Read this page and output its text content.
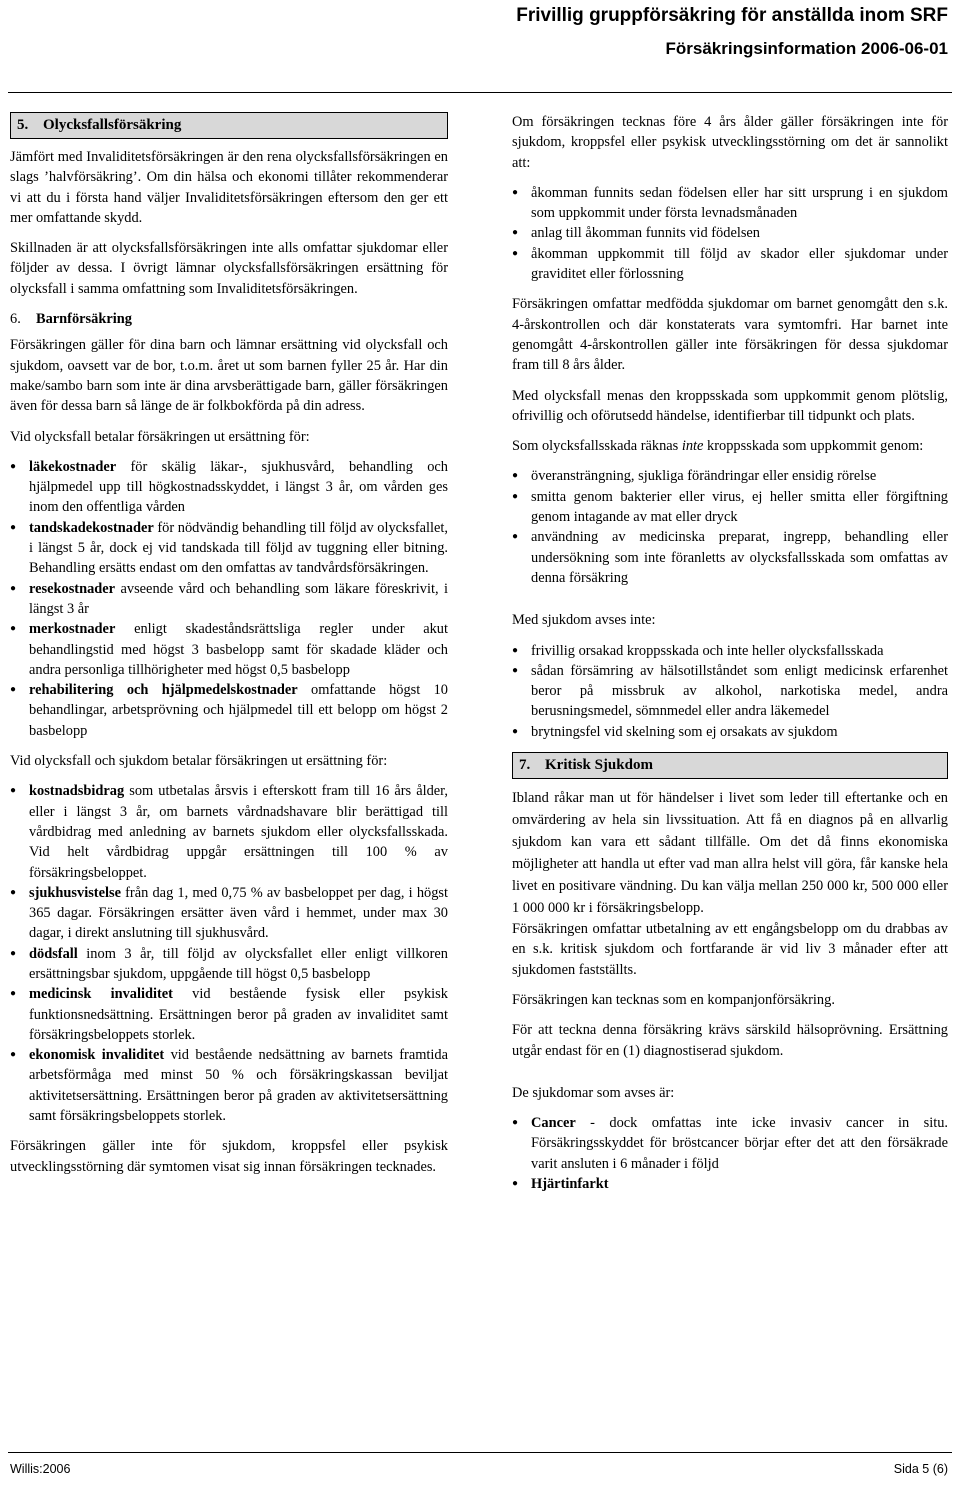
Frivillig gruppförsäkring för anställda inom SRF
Försäkringsinformation 2006-06-01
5. Olycksfallsförsäkring

Jämfört med Invaliditetsförsäkringen är den rena olycksfallsförsäkringen en slags ’halvförsäkring’. Om din hälsa och ekonomi tillåter rekommenderar vi att du i första hand väljer Invaliditetsförsäkringen eftersom den ger ett mer omfattande skydd.

Skillnaden är att olycksfallsförsäkringen inte alls omfattar sjukdomar eller följder av dessa. I övrigt lämnar olycksfallsförsäkringen ersättning för olycksfall i samma omfattning som Invaliditetsförsäkringen.

6. Barnförsäkring

Försäkringen gäller för dina barn och lämnar ersättning vid olycksfall och sjukdom, oavsett var de bor, t.o.m. året ut som barnen fyller 25 år. Har din make/sambo barn som inte är dina arvsberättigade barn, gäller försäkringen även för dessa barn så länge de är folkbokförda på din adress.

Vid olycksfall betalar försäkringen ut ersättning för:

● läkekostnader för skälig läkar-, sjukhusvård, behandling och hjälpmedel upp till högkostnadsskyddet, i längst 3 år, om vården ges inom den offentliga vården
● tandskadekostnader för nödvändig behandling till följd av olycksfallet, i längst 5 år, dock ej vid tandskada till följd av tuggning eller bitning. Behandling ersätts endast om den omfattas av tandvårdsförsäkringen.
● resekostnader avseende vård och behandling som läkare föreskrivit, i längst 3 år
● merkostnader enligt skadeståndsrättsliga regler under akut behandlingstid med högst 3 basbelopp samt för skadade kläder och andra personliga tillhörigheter med högst 0,5 basbelopp
● rehabilitering och hjälpmedelskostnader omfattande högst 10 behandlingar, arbetsprövning och hjälpmedel till ett belopp om högst 2 basbelopp

Vid olycksfall och sjukdom betalar försäkringen ut ersättning för:

● kostnadsbidrag som utbetalas årsvis i efterskott fram till 16 års ålder, eller i längst 3 år, om barnets vårdnadshavare blir berättigad till vårdbidrag med anledning av barnets sjukdom eller olycksfallsskada. Vid helt vårdbidrag uppgår ersättningen till 100 % av försäkringsbeloppet.
● sjukhusvistelse från dag 1, med 0,75 % av basbeloppet per dag, i högst 365 dagar. Försäkringen ersätter även vård i hemmet, under max 30 dagar, i direkt anslutning till sjukhusvård.
● dödsfall inom 3 år, till följd av olycksfallet eller enligt villkoren ersättningsbar sjukdom, uppgående till högst 0,5 basbelopp
● medicinsk invaliditet vid bestående fysisk eller psykisk funktionsnedsättning. Ersättningen beror på graden av invaliditet samt försäkringsbeloppets storlek.
● ekonomisk invaliditet vid bestående nedsättning av barnets framtida arbetsförmåga med minst 50 % och försäkringskassan beviljat aktivitetsersättning. Ersättningen beror på graden av aktivitetsersättning samt försäkringsbeloppets storlek.

Försäkringen gäller inte för sjukdom, kroppsfel eller psykisk utvecklingsstörning där symtomen visat sig innan försäkringen tecknades.

Om försäkringen tecknas före 4 års ålder gäller försäkringen inte för sjukdom, kroppsfel eller psykisk utvecklingsstörning om det är sannolikt att:

● åkomman funnits sedan födelsen eller har sitt ursprung i en sjukdom som uppkommit under första levnadsmånaden
● anlag till åkomman funnits vid födelsen
● åkomman uppkommit till följd av skador eller sjukdomar under graviditet eller förlossning

Försäkringen omfattar medfödda sjukdomar om barnet genomgått den s.k. 4-årskontrollen och där konstaterats vara symtomfri. Har barnet inte genomgått 4-årskontrollen gäller inte försäkringen för dessa sjukdomar fram till 8 års ålder.

Med olycksfall menas den kroppsskada som uppkommit genom plötslig, ofrivillig och oförutsedd händelse, identifierbar till tidpunkt och plats.

Som olycksfallsskada räknas inte kroppsskada som uppkommit genom:

● överansträngning, sjukliga förändringar eller ensidig rörelse
● smitta genom bakterier eller virus, ej heller smitta eller förgiftning genom intagande av mat eller dryck
● användning av medicinska preparat, ingrepp, behandling eller undersökning som inte föranletts av olycksfallsskada som omfattas av denna försäkring

Med sjukdom avses inte:

● frivillig orsakad kroppsskada och inte heller olycksfallsskada
● sådan försämring av hälsotillståndet som enligt medicinsk erfarenhet beror på missbruk av alkohol, narkotiska medel, andra berusningsmedel, sömnmedel eller andra läkemedel
● brytningsfel vid skelning som ej orsakats av sjukdom
7. Kritisk Sjukdom

Ibland råkar man ut för händelser i livet som leder till eftertanke och en omvärdering av hela sin livssituation. Att få en diagnos på en allvarlig sjukdom kan vara ett sådant tillfälle. Om det då finns ekonomiska möjligheter att handla ut efter vad man allra helst vill göra, får kanske hela livet en positivare vändning. Du kan välja mellan 250 000 kr, 500 000 eller 1 000 000 kr i försäkringsbelopp.

Försäkringen omfattar utbetalning av ett engångsbelopp om du drabbas av en s.k. kritisk sjukdom och fortfarande är vid liv 3 månader efter att sjukdomen fastställts.

Försäkringen kan tecknas som en kompanjonförsäkring.

För att teckna denna försäkring krävs särskild hälsoprövning. Ersättning utgår endast för en (1) diagnostiserad sjukdom.

De sjukdomar som avses är:

● Cancer - dock omfattas inte icke invasiv cancer in situ. Försäkringsskyddet för bröstcancer börjar efter det att den försäkrade varit ansluten i 6 månader i följd
● Hjärtinfarkt
Willis:2006	Sida 5 (6)
